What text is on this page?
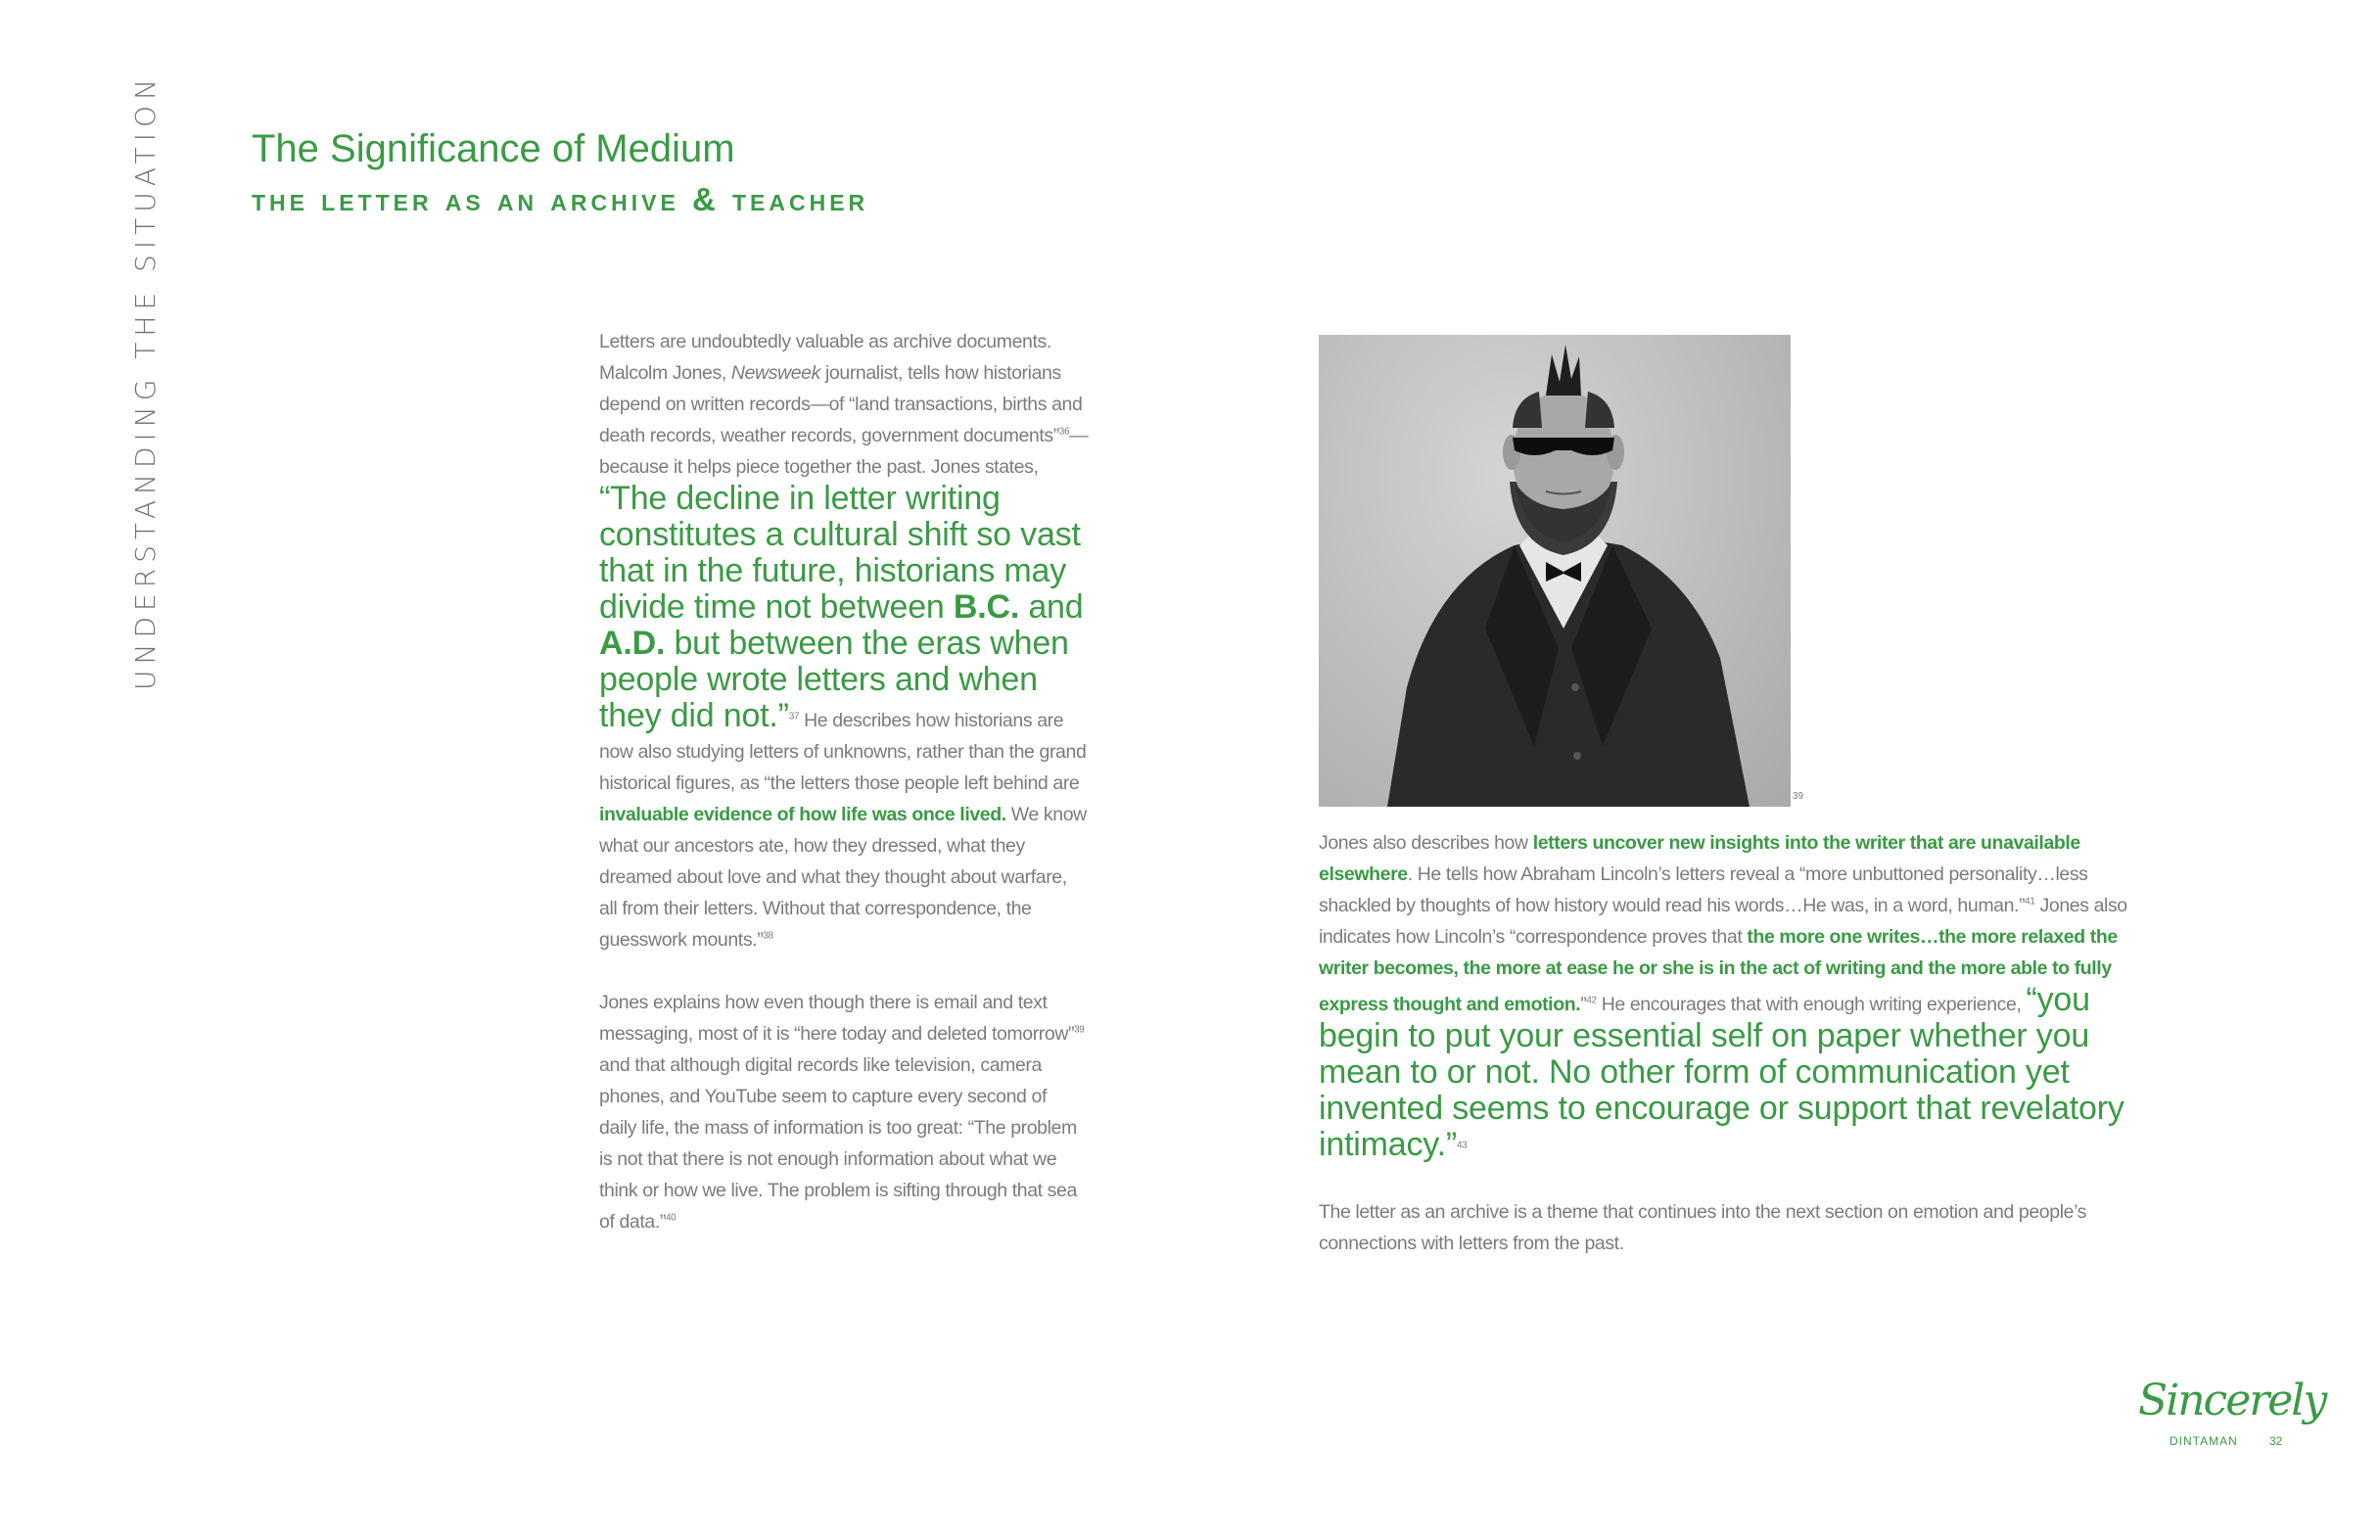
UNDERSTANDING THE SITUATION The Significance of Medium
the letter as an archive & teacher

Letters are undoubtedly valuable as archive documents. Malcolm Jones, Newsweek journalist, tells how historians depend on written records—of “land transactions, births and death records, weather records, government documents”$^{36}$—because it helps piece together the past. Jones states, “The decline in letter writing constitutes a cultural shift so vast that in the future, historians may divide time not between B.C. and A.D. but between the eras when people wrote letters and when they did not.”$^{37}$ He describes how historians are now also studying letters of unknowns, rather than the grand historical figures, as “the letters those people left behind are invaluable evidence of how life was once lived. We know what our ancestors ate, how they dressed, what they dreamed about love and what they thought about warfare, all from their letters. Without that correspondence, the guesswork mounts.”$^{38}$

Jones explains how even though there is email and text messaging, most of it is “here today and deleted tomorrow”$^{39}$ and that although digital records like television, camera phones, and YouTube seem to capture every second of daily life, the mass of information is too great: “The problem is not that there is not enough information about what we think or how we live. The problem is sifting through that sea of data.”$^{40}$

39

Jones also describes how letters uncover new insights into the writer that are unavailable elsewhere. He tells how Abraham Lincoln’s letters reveal a “more unbuttoned personality…less shackled by thoughts of how history would read his words…He was, in a word, human.”$^{41}$ Jones also indicates how Lincoln’s “correspondence proves that the more one writes…the more relaxed the writer becomes, the more at ease he or she is in the act of writing and the more able to fully express thought and emotion.”$^{42}$ He encourages that with enough writing experience, “you begin to put your essential self on paper whether you mean to or not. No other form of communication yet invented seems to encourage or support that revelatory intimacy.”$^{43}$

The letter as an archive is a theme that continues into the next section on emotion and people’s connections with letters from the past.

Sincerely
DINTAMAN	32
